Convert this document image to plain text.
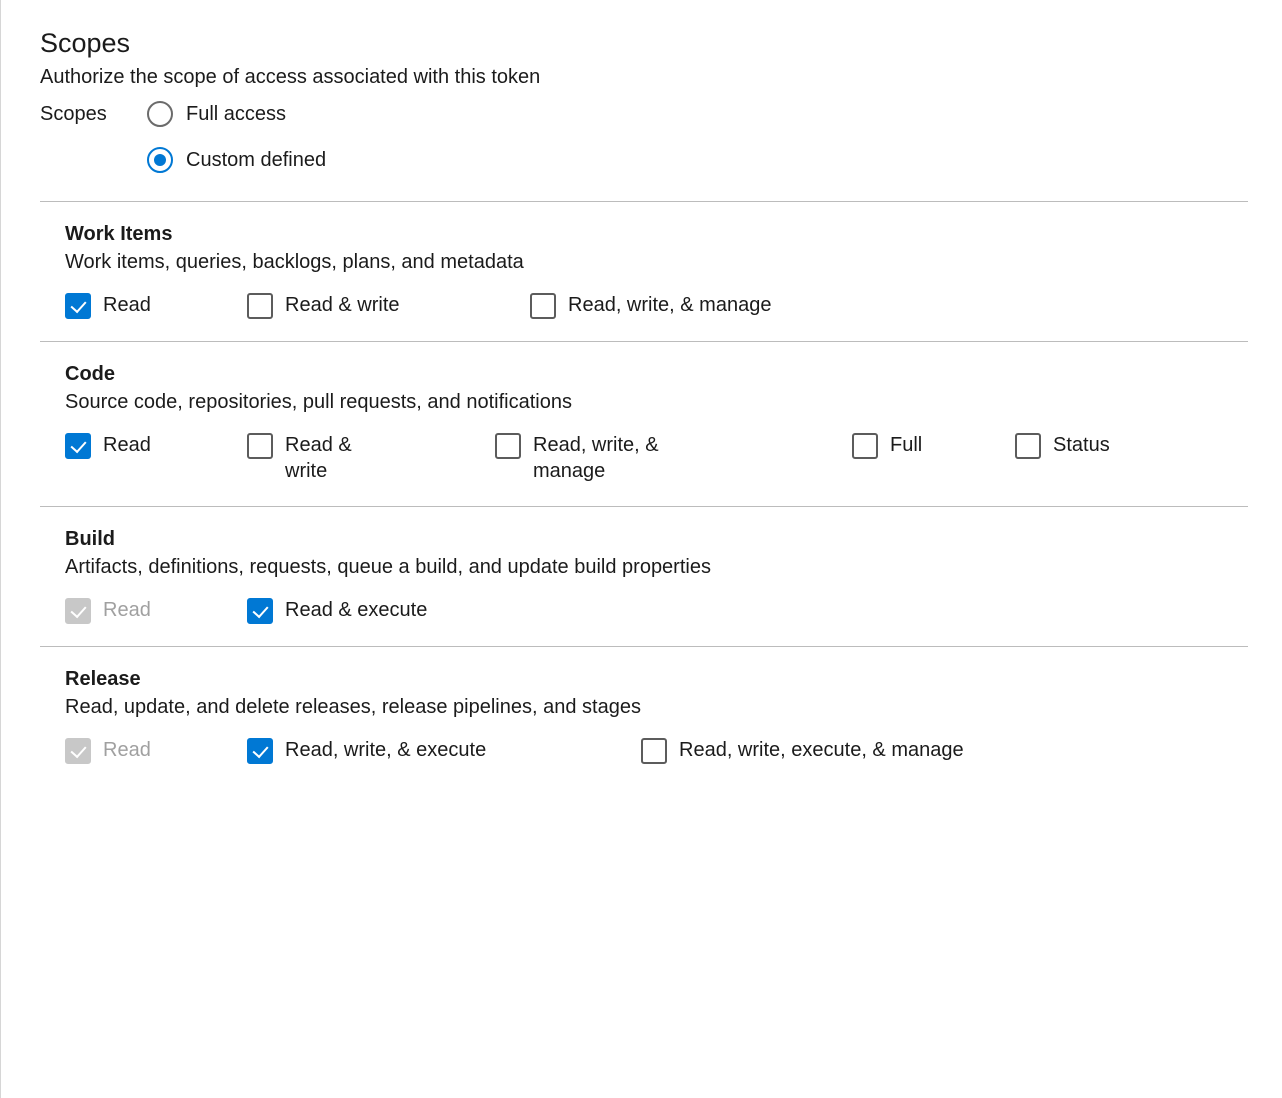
Scopes

Authorize the scope of access associated with this token

Scopes	Full access
Custom defined
Work Items
Work items, queries, backlogs, plans, and metadata
Read	Read & write	Read, write, & manage
Code
Source code, repositories, pull requests, and notifications
Read	Read & write
Read, write, & manage
Full	Status
Build
Artifacts, definitions, requests, queue a build, and update build properties
Read	Read & execute
Release
Read, update, and delete releases, release pipelines, and stages
Read	Read, write, & execute	Read, write, execute, & manage
